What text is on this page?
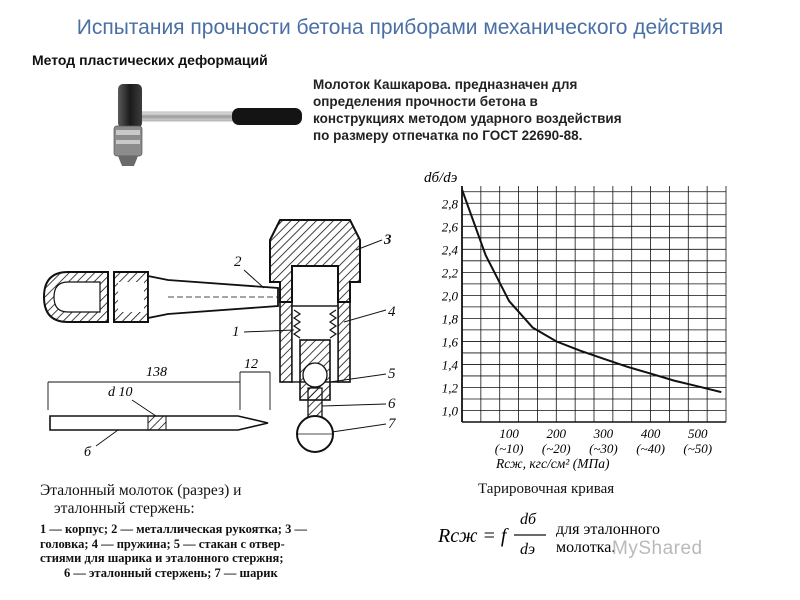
Испытания прочности бетона приборами механического действия
Метод пластических деформаций
Молоток Кашкарова. предназначен для
определения прочности бетона в
конструкциях методом ударного воздействия
по размеру отпечатка по ГОСТ 22690-88.
2
3
4
1
5
6
7
138
12
d 10
б
1,0
1,2
1,4
1,6
1,8
2,0
2,2
2,4
2,6
2,8
100
(~10)
200
(~20)
300
(~30)
400
(~40)
500
(~50)
dб/dэ
Rсж, кгс/см² (МПа)
Эталонный молоток (разрез) и
эталонный стержень:
1 — корпус; 2 — металлическая рукоятка; 3 —
головка; 4 — пружина; 5 — стакан с отвер-
стиями для шарика и эталонного стержня;
6 — эталонный стержень; 7 — шарик
Тарировочная кривая
Rсж = f
dб
dэ
для эталонного
молотка.
MyShared
